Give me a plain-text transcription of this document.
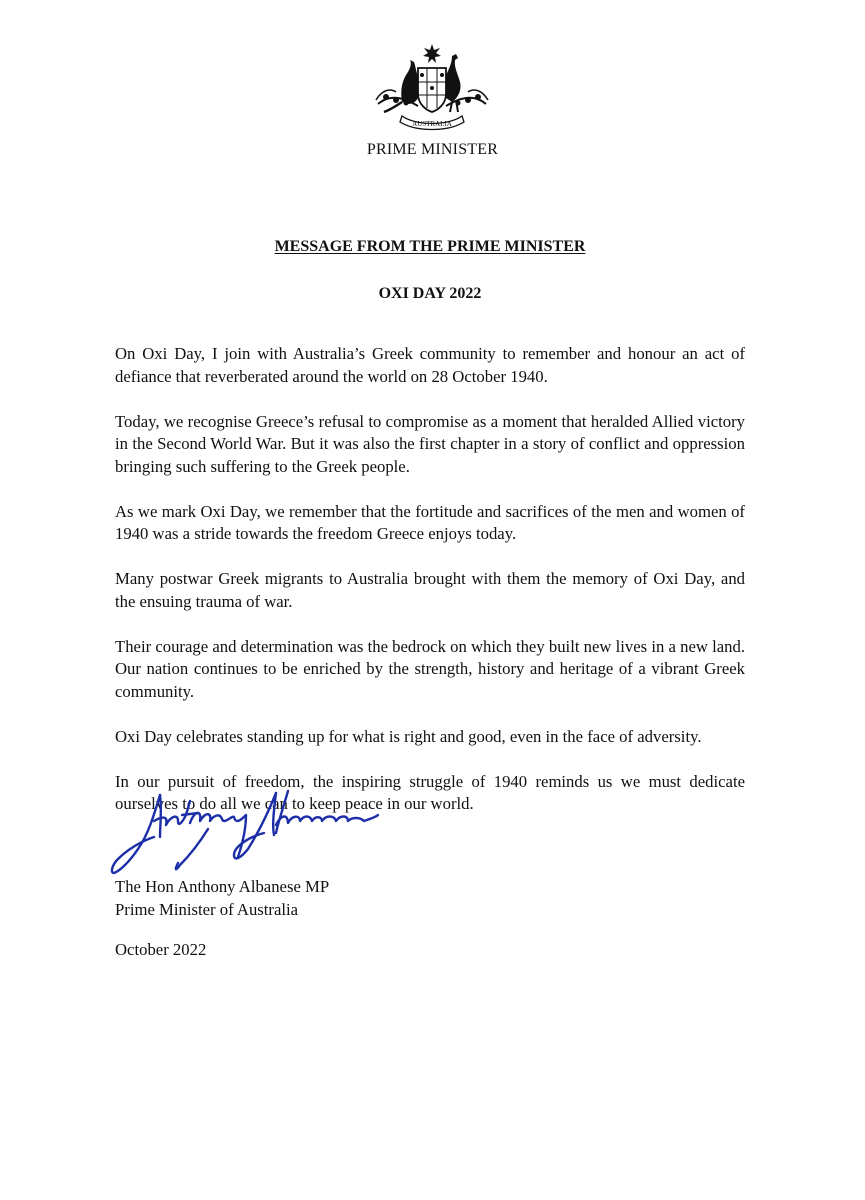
AUSTRALIA
PRIME MINISTER
MESSAGE FROM THE PRIME MINISTER
OXI DAY 2022

On Oxi Day, I join with Australia’s Greek community to remember and honour an act of defiance that reverberated around the world on 28 October 1940.

Today, we recognise Greece’s refusal to compromise as a moment that heralded Allied victory in the Second World War. But it was also the first chapter in a story of conflict and oppression bringing such suffering to the Greek people.

As we mark Oxi Day, we remember that the fortitude and sacrifices of the men and women of 1940 was a stride towards the freedom Greece enjoys today.

Many postwar Greek migrants to Australia brought with them the memory of Oxi Day, and the ensuing trauma of war.

Their courage and determination was the bedrock on which they built new lives in a new land. Our nation continues to be enriched by the strength, history and heritage of a vibrant Greek community.

Oxi Day celebrates standing up for what is right and good, even in the face of adversity.

In our pursuit of freedom, the inspiring struggle of 1940 reminds us we must dedicate ourselves to do all we can to keep peace in our world.

The Hon Anthony Albanese MP
Prime Minister of Australia
October 2022
